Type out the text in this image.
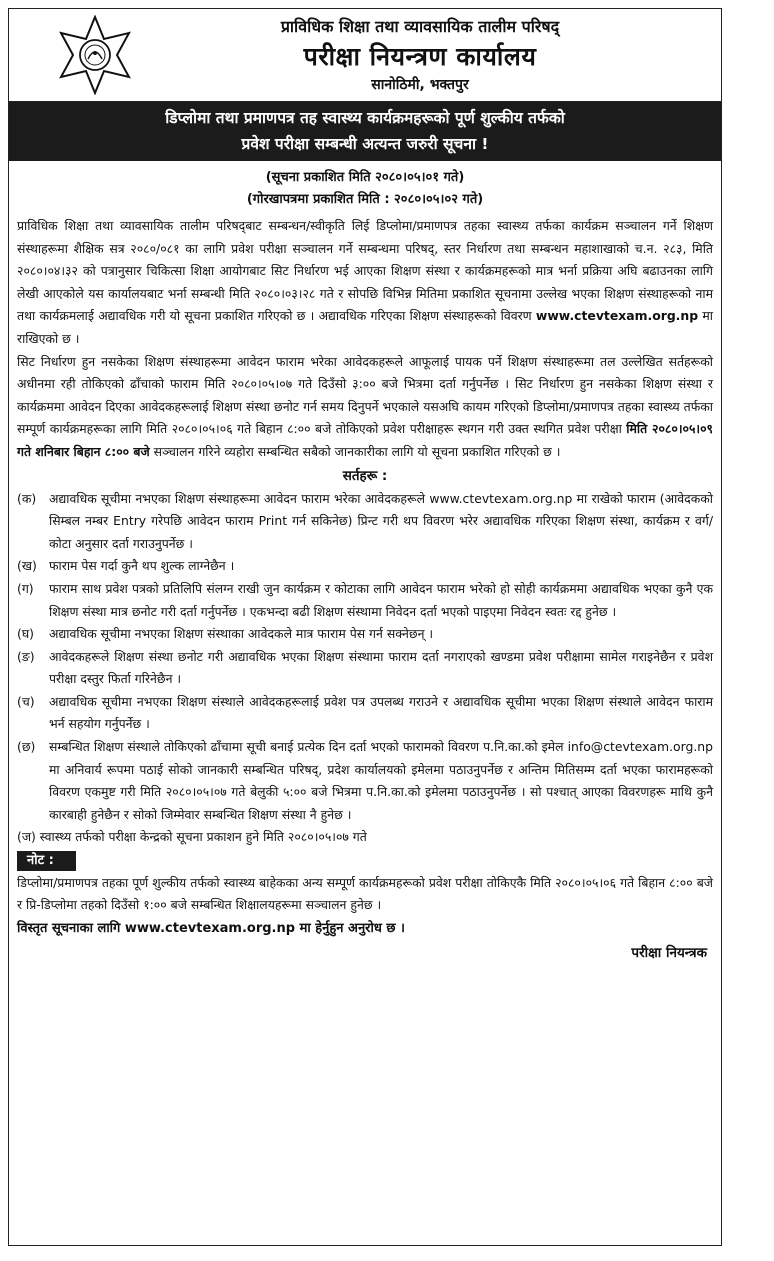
प्राविधिक शिक्षा तथा व्यावसायिक तालीम परिषद्
परीक्षा नियन्त्रण कार्यालय
सानोठिमी, भक्तपुर
डिप्लोमा तथा प्रमाणपत्र तह स्वास्थ्य कार्यक्रमहरूको पूर्ण शुल्कीय तर्फको
प्रवेश परीक्षा सम्बन्धी अत्यन्त जरुरी सूचना !
(सूचना प्रकाशित मिति २०८०।०५।०१ गते)
(गोरखापत्रमा प्रकाशित मिति : २०८०।०५।०२ गते)

प्राविधिक शिक्षा तथा व्यावसायिक तालीम परिषद्‌बाट सम्बन्धन/स्वीकृति लिई डिप्लोमा/प्रमाणपत्र तहका स्वास्थ्य तर्फका कार्यक्रम सञ्चालन गर्ने शिक्षण संस्थाहरूमा शैक्षिक सत्र २०८०/०८१ का लागि प्रवेश परीक्षा सञ्चालन गर्ने सम्बन्धमा परिषद्‌, स्तर निर्धारण तथा सम्बन्धन महाशाखाको च.न. २८३, मिति २०८०।०४।३२ को पत्रानुसार चिकित्सा शिक्षा आयोगबाट सिट निर्धारण भई आएका शिक्षण संस्था र कार्यक्रमहरूको मात्र भर्ना प्रक्रिया अघि बढाउनका लागि लेखी आएकोले यस कार्यालयबाट भर्ना सम्बन्धी मिति २०८०।०३।२८ गते र सोपछि विभिन्न मितिमा प्रकाशित सूचनामा उल्लेख भएका शिक्षण संस्थाहरूको नाम तथा कार्यक्रमलाई अद्यावधिक गरी यो सूचना प्रकाशित गरिएको छ । अद्यावधिक गरिएका शिक्षण संस्थाहरूको विवरण www.ctevtexam.org.np मा राखिएको छ ।

सिट निर्धारण हुन नसकेका शिक्षण संस्थाहरूमा आवेदन फाराम भरेका आवेदकहरूले आफूलाई पायक पर्ने शिक्षण संस्थाहरूमा तल उल्लेखित सर्तहरूको अधीनमा रही तोकिएको ढाँचाको फाराम मिति २०८०।०५।०७ गते दिउँसो ३:०० बजे भित्रमा दर्ता गर्नुपर्नेछ । सिट निर्धारण हुन नसकेका शिक्षण संस्था र कार्यक्रममा आवेदन दिएका आवेदकहरूलाई शिक्षण संस्था छनोट गर्न समय दिनुपर्ने भएकाले यसअघि कायम गरिएको डिप्लोमा/प्रमाणपत्र तहका स्वास्थ्य तर्फका सम्पूर्ण कार्यक्रमहरूका लागि मिति २०८०।०५।०६ गते बिहान ८:०० बजे तोकिएको प्रवेश परीक्षाहरू स्थगन गरी उक्त स्थगित प्रवेश परीक्षा मिति २०८०।०५।०९ गते शनिबार बिहान ८:०० बजे सञ्चालन गरिने व्यहोरा सम्बन्धित सबैको जानकारीका लागि यो सूचना प्रकाशित गरिएको छ ।

सर्तहरू :
(क)	अद्यावधिक सूचीमा नभएका शिक्षण संस्थाहरूमा आवेदन फाराम भरेका आवेदकहरूले www.ctevtexam.org.np मा राखेको फाराम (आवेदकको सिम्बल नम्बर Entry गरेपछि आवेदन फाराम Print गर्न सकिनेछ) प्रिन्ट गरी थप विवरण भरेर अद्यावधिक गरिएका शिक्षण संस्था, कार्यक्रम र वर्ग/कोटा अनुसार दर्ता गराउनुपर्नेछ ।
(ख) फाराम पेस गर्दा कुनै थप शुल्क लाग्नेछैन ।
(ग)	फाराम साथ प्रवेश पत्रको प्रतिलिपि संलग्न राखी जुन कार्यक्रम र कोटाका लागि आवेदन फाराम भरेको हो सोही कार्यक्रममा अद्यावधिक भएका कुनै एक शिक्षण संस्था मात्र छनोट गरी दर्ता गर्नुपर्नेछ । एकभन्दा बढी शिक्षण संस्थामा निवेदन दर्ता भएको पाइएमा निवेदन स्वतः रद्द हुनेछ ।
(घ)	अद्यावधिक सूचीमा नभएका शिक्षण संस्थाका आवेदकले मात्र फाराम पेस गर्न सक्नेछन् ।
(ङ)	आवेदकहरूले शिक्षण संस्था छनोट गरी अद्यावधिक भएका शिक्षण संस्थामा फाराम दर्ता नगराएको खण्डमा प्रवेश परीक्षामा सामेल गराइनेछैन र प्रवेश परीक्षा दस्तुर फिर्ता गरिनेछैन ।
(च)	अद्यावधिक सूचीमा नभएका शिक्षण संस्थाले आवेदकहरूलाई प्रवेश पत्र उपलब्ध गराउने र अद्यावधिक सूचीमा भएका शिक्षण संस्थाले आवेदन फाराम भर्न सहयोग गर्नुपर्नेछ ।
(छ)	सम्बन्धित शिक्षण संस्थाले तोकिएको ढाँचामा सूची बनाई प्रत्येक दिन दर्ता भएको फारामको विवरण प.नि.का.को इमेल info@ctevtexam.org.np मा अनिवार्य रूपमा पठाई सोको जानकारी सम्बन्धित परिषद्‌, प्रदेश कार्यालयको इमेलमा पठाउनुपर्नेछ र अन्तिम मितिसम्म दर्ता भएका फारामहरूको विवरण एकमुष्ट गरी मिति २०८०।०५।०७ गते बेलुकी ५:०० बजे भित्रमा प.नि.का.को इमेलमा पठाउनुपर्नेछ । सो पश्चात् आएका विवरणहरू माथि कुनै कारबाही हुनेछैन र सोको जिम्मेवार सम्बन्धित शिक्षण संस्था नै हुनेछ ।

(ज) स्वास्थ्य तर्फको परीक्षा केन्द्रको सूचना प्रकाशन हुने मिति २०८०।०५।०७ गते

नोट :

डिप्लोमा/प्रमाणपत्र तहका पूर्ण शुल्कीय तर्फको स्वास्थ्य बाहेकका अन्य सम्पूर्ण कार्यक्रमहरूको प्रवेश परीक्षा तोकिएकै मिति २०८०।०५।०६ गते बिहान ८:०० बजे र प्रि-डिप्लोमा तहको दिउँसो १:०० बजे सम्बन्धित शिक्षालयहरूमा सञ्चालन हुनेछ ।

विस्तृत सूचनाका लागि www.ctevtexam.org.np मा हेर्नुहुन अनुरोध छ ।
परीक्षा नियन्त्रक
